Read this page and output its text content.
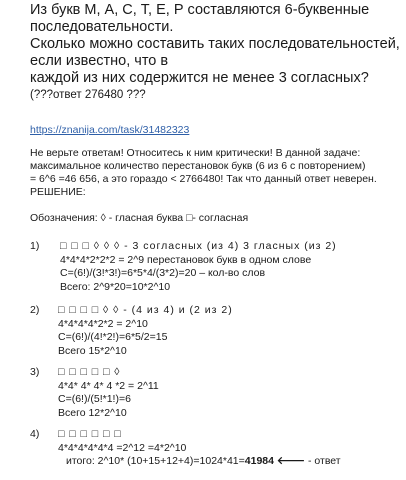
Из букв М, А, С, Т, Е, Р составляются 6-буквенные
последовательности.
Сколько можно составить таких последовательностей,
если известно, что в
каждой из них содержится не менее 3 согласных?
(???ответ 276480 ???
https://znanija.com/task/31482323
Не верьте ответам! Относитесь к ним критически! В данной задаче:
максимальное количество перестановок букв (6 из 6 с повторением)
= 6^6 =46 656, а это гораздо < 2766480! Так что данный ответ неверен.
РЕШЕНИЕ:
Обозначения: ◊ - гласная буква □- согласная
1) □ □ □ ◊ ◊ ◊ - 3 согласных (из 4) 3 гласных (из 2)
4*4*4*2*2*2 = 2^9 перестановок букв в одном слове
C=(6!)/(3!*3!)=6*5*4/(3*2)=20 – кол-во слов
Всего: 2^9*20=10*2^10
2) □ □ □ □ ◊ ◊ - (4 из 4) и (2 из 2)
4*4*4*4*2*2 = 2^10
C=(6!)/(4!*2!)=6*5/2=15
Всего 15*2^10
3) □ □ □ □ □ ◊
4*4* 4* 4* 4 *2 = 2^11
C=(6!)/(5!*1!)=6
Всего 12*2^10
4) □ □ □ □ □ □
4*4*4*4*4*4 =2^12 =4*2^10
итого: 2^10* (10+15+12+4)=1024*41=41984 🡐 - ответ
